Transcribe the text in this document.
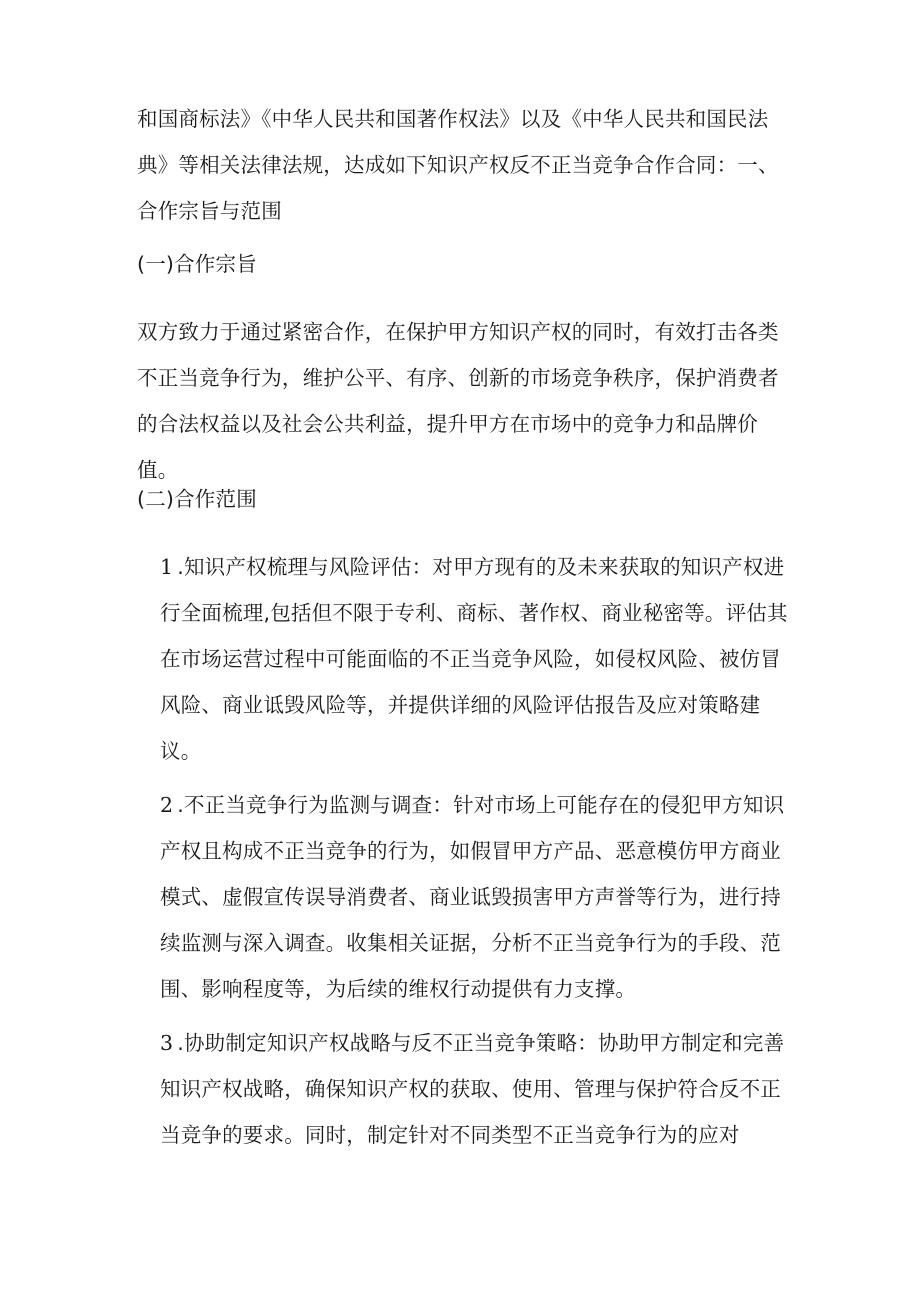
和国商标法》《中华人民共和国著作权法》以及《中华人民共和国民法典》等相关法律法规，达成如下知识产权反不正当竞争合作合同：一、合作宗旨与范围

(一)合作宗旨

双方致力于通过紧密合作，在保护甲方知识产权的同时，有效打击各类不正当竞争行为，维护公平、有序、创新的市场竞争秩序，保护消费者的合法权益以及社会公共利益，提升甲方在市场中的竞争力和品牌价值。

(二)合作范围

1 .知识产权梳理与风险评估：对甲方现有的及未来获取的知识产权进行全面梳理,包括但不限于专利、商标、著作权、商业秘密等。评估其在市场运营过程中可能面临的不正当竞争风险，如侵权风险、被仿冒风险、商业诋毁风险等，并提供详细的风险评估报告及应对策略建议。

2 .不正当竞争行为监测与调查：针对市场上可能存在的侵犯甲方知识产权且构成不正当竞争的行为，如假冒甲方产品、恶意模仿甲方商业模式、虚假宣传误导消费者、商业诋毁损害甲方声誉等行为，进行持续监测与深入调查。收集相关证据，分析不正当竞争行为的手段、范围、影响程度等，为后续的维权行动提供有力支撑。

3 .协助制定知识产权战略与反不正当竞争策略：协助甲方制定和完善知识产权战略，确保知识产权的获取、使用、管理与保护符合反不正当竞争的要求。同时，制定针对不同类型不正当竞争行为的应对
